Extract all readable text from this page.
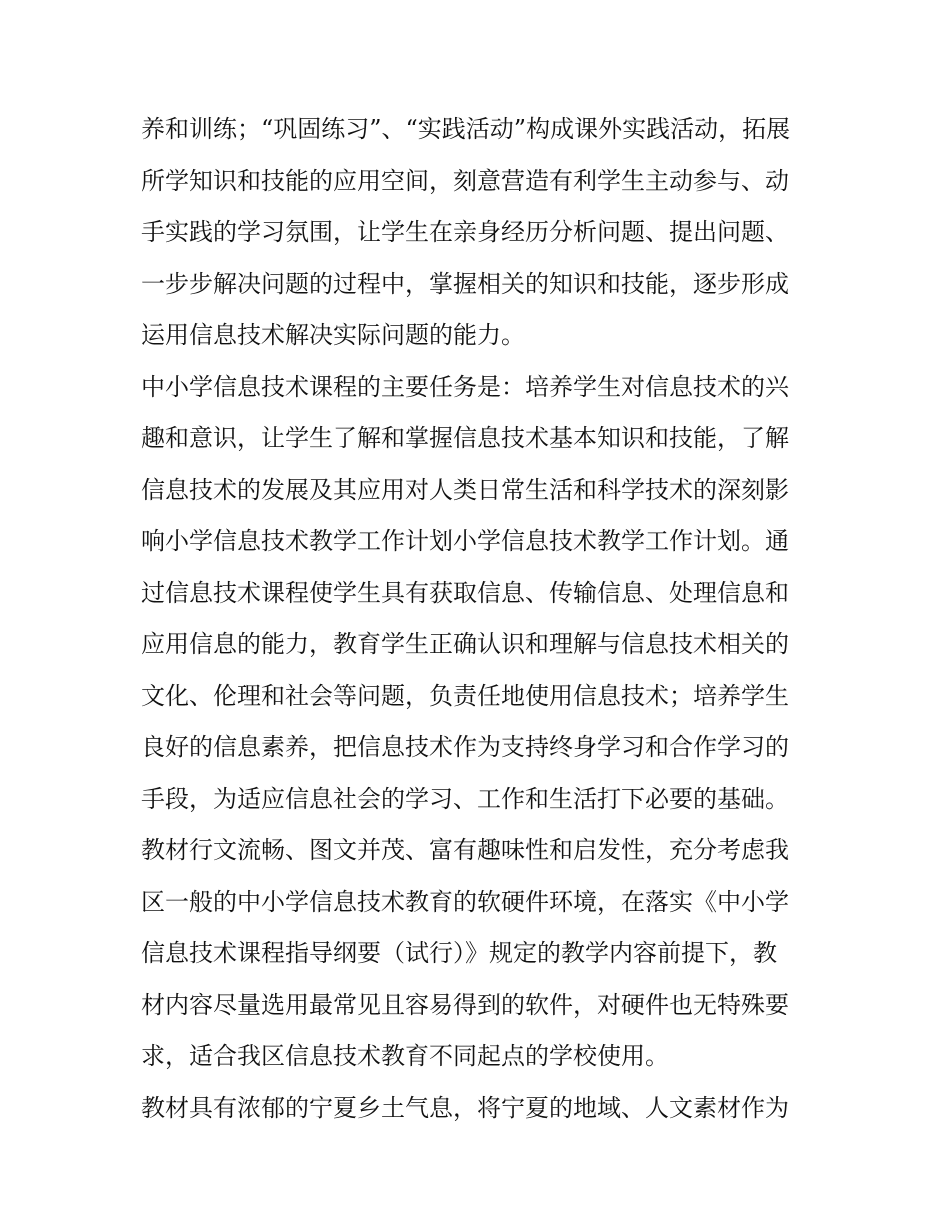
养和训练；“巩固练习”、“实践活动”构成课外实践活动，拓展
所学知识和技能的应用空间，刻意营造有利学生主动参与、动
手实践的学习氛围，让学生在亲身经历分析问题、提出问题、
一步步解决问题的过程中，掌握相关的知识和技能，逐步形成
运用信息技术解决实际问题的能力。
中小学信息技术课程的主要任务是：培养学生对信息技术的兴
趣和意识，让学生了解和掌握信息技术基本知识和技能，了解
信息技术的发展及其应用对人类日常生活和科学技术的深刻影
响小学信息技术教学工作计划小学信息技术教学工作计划。通
过信息技术课程使学生具有获取信息、传输信息、处理信息和
应用信息的能力，教育学生正确认识和理解与信息技术相关的
文化、伦理和社会等问题，负责任地使用信息技术；培养学生
良好的信息素养，把信息技术作为支持终身学习和合作学习的
手段，为适应信息社会的学习、工作和生活打下必要的基础。
教材行文流畅、图文并茂、富有趣味性和启发性，充分考虑我
区一般的中小学信息技术教育的软硬件环境，在落实《中小学
信息技术课程指导纲要（试行）》规定的教学内容前提下，教
材内容尽量选用最常见且容易得到的软件，对硬件也无特殊要
求，适合我区信息技术教育不同起点的学校使用。
教材具有浓郁的宁夏乡土气息，将宁夏的地域、人文素材作为
